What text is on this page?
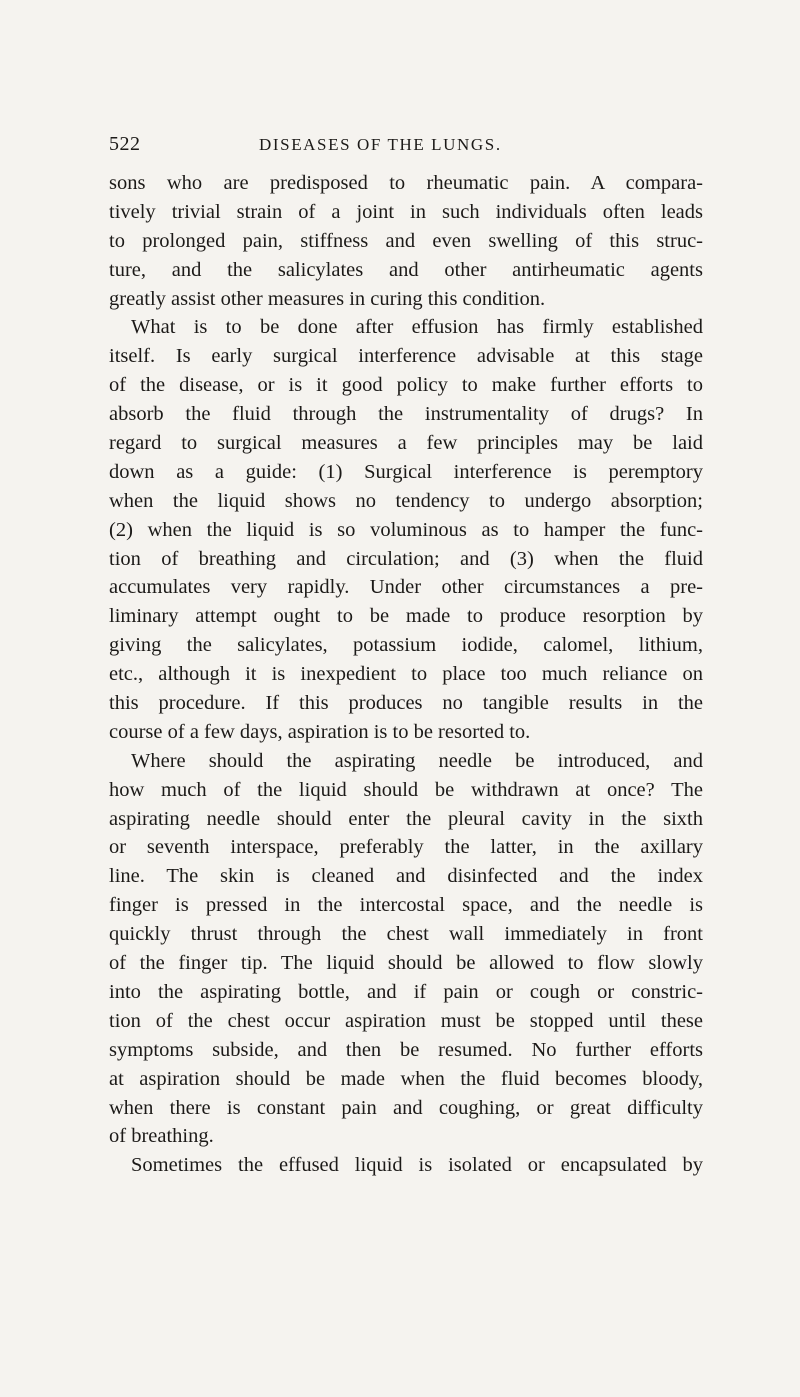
522	DISEASES OF THE LUNGS.
sons who are predisposed to rheumatic pain. A compara-
tively trivial strain of a joint in such individuals often leads
to prolonged pain, stiffness and even swelling of this struc-
ture, and the salicylates and other antirheumatic agents
greatly assist other measures in curing this condition.
What is to be done after effusion has firmly established
itself. Is early surgical interference advisable at this stage
of the disease, or is it good policy to make further efforts to
absorb the fluid through the instrumentality of drugs? In
regard to surgical measures a few principles may be laid
down as a guide: (1) Surgical interference is peremptory
when the liquid shows no tendency to undergo absorption;
(2) when the liquid is so voluminous as to hamper the func-
tion of breathing and circulation; and (3) when the fluid
accumulates very rapidly. Under other circumstances a pre-
liminary attempt ought to be made to produce resorption by
giving the salicylates, potassium iodide, calomel, lithium,
etc., although it is inexpedient to place too much reliance on
this procedure. If this produces no tangible results in the
course of a few days, aspiration is to be resorted to.
Where should the aspirating needle be introduced, and
how much of the liquid should be withdrawn at once? The
aspirating needle should enter the pleural cavity in the sixth
or seventh interspace, preferably the latter, in the axillary
line. The skin is cleaned and disinfected and the index
finger is pressed in the intercostal space, and the needle is
quickly thrust through the chest wall immediately in front
of the finger tip. The liquid should be allowed to flow slowly
into the aspirating bottle, and if pain or cough or constric-
tion of the chest occur aspiration must be stopped until these
symptoms subside, and then be resumed. No further efforts
at aspiration should be made when the fluid becomes bloody,
when there is constant pain and coughing, or great difficulty
of breathing.
Sometimes the effused liquid is isolated or encapsulated by
